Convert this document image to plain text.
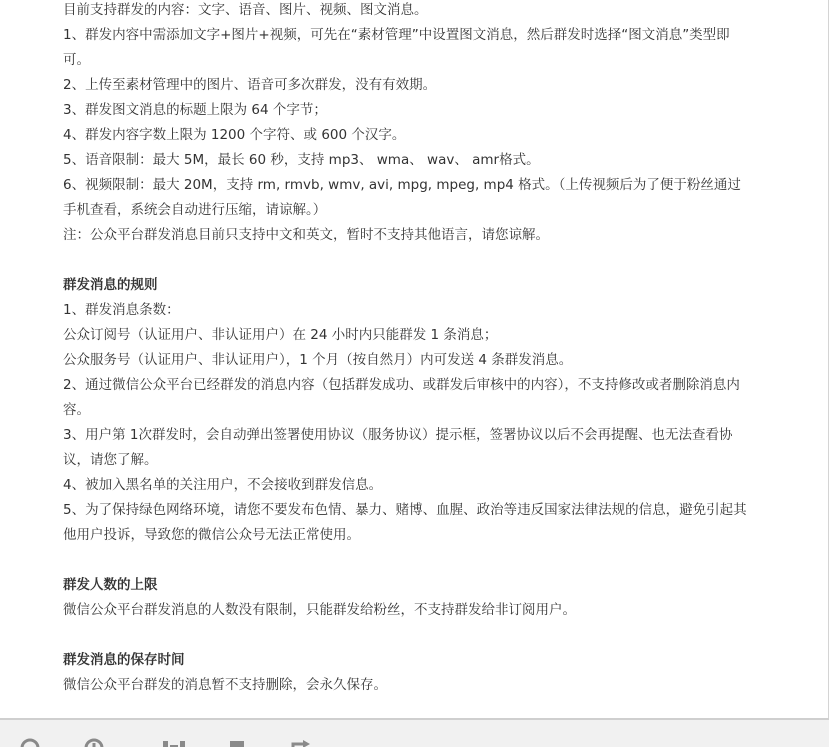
目前支持群发的内容：文字、语音、图片、视频、图文消息。

1、群发内容中需添加文字+图片+视频，可先在“素材管理”中设置图文消息，然后群发时选择“图文消息”类型即可。

2、上传至素材管理中的图片、语音可多次群发，没有有效期。

3、群发图文消息的标题上限为 64 个字节；

4、群发内容字数上限为 1200 个字符、或 600 个汉字。

5、语音限制：最大 5M，最长 60 秒，支持 mp3、 wma、 wav、 amr格式。

6、视频限制：最大 20M，支持 rm, rmvb, wmv, avi, mpg, mpeg, mp4 格式。（上传视频后为了便于粉丝通过手机查看，系统会自动进行压缩，请谅解。）

注：公众平台群发消息目前只支持中文和英文，暂时不支持其他语言，请您谅解。

群发消息的规则

1、群发消息条数：

公众订阅号（认证用户、非认证用户）在 24 小时内只能群发 1 条消息；

公众服务号（认证用户、非认证用户），1 个月（按自然月）内可发送 4 条群发消息。

2、通过微信公众平台已经群发的消息内容（包括群发成功、或群发后审核中的内容），不支持修改或者删除消息内容。

3、用户第 1次群发时，会自动弹出签署使用协议（服务协议）提示框，签署协议以后不会再提醒、也无法查看协议，请您了解。

4、被加入黑名单的关注用户，不会接收到群发信息。

5、为了保持绿色网络环境，请您不要发布色情、暴力、赌博、血腥、政治等违反国家法律法规的信息，避免引起其他用户投诉，导致您的微信公众号无法正常使用。

群发人数的上限

微信公众平台群发消息的人数没有限制，只能群发给粉丝，不支持群发给非订阅用户。

群发消息的保存时间

微信公众平台群发的消息暂不支持删除，会永久保存。
